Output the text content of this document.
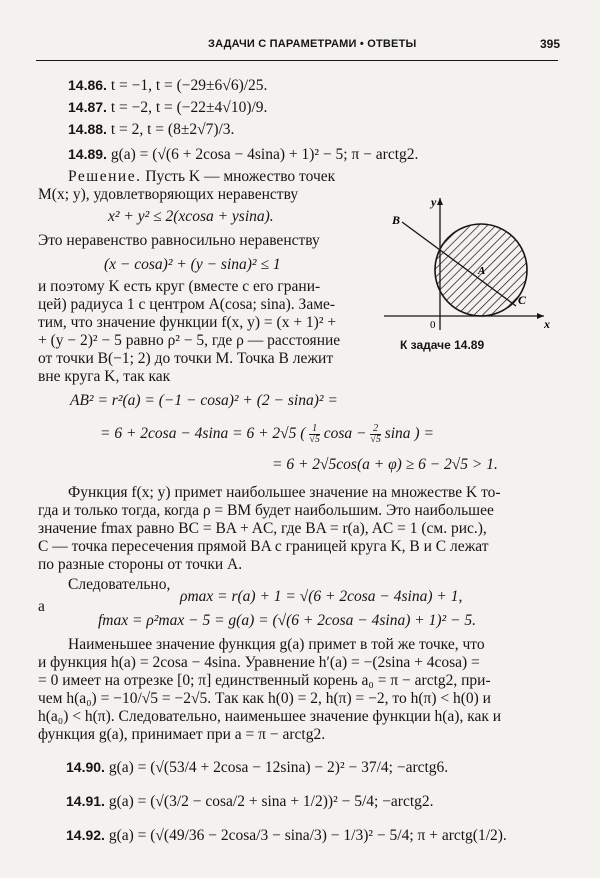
ЗАДАЧИ С ПАРАМЕТРАМИ • ОТВЕТЫ	395
14.86. t = −1, t = (−29±6√6)/25.
14.87. t = −2, t = (−22±4√10)/9.
14.88. t = 2, t = (8±2√7)/3.
14.89. g(a) = (√(6 + 2cosa − 4sina) + 1)² − 5; π − arctg2.
Решение. Пусть K — множество точек
M(x; y), удовлетворяющих неравенству
x² + y² ≤ 2(xcosa + ysina).
Это неравенство равносильно неравенству
(x − cosa)² + (y − sina)² ≤ 1
и поэтому K есть круг (вместе с его грани-
цей) радиуса 1 с центром A(cosa; sina). Заме-
тим, что значение функции f(x, y) = (x + 1)² +
+ (y − 2)² − 5 равно ρ² − 5, где ρ — расстояние
от точки B(−1; 2) до точки M. Точка B лежит
вне круга K, так как
B
y
A
C
0	x
К задаче 14.89
AB² = r²(a) = (−1 − cosa)² + (2 − sina)² =
= 6 + 2cosa − 4sina = 6 + 2√5 ( $\frac{1}{√5}$ $\cos a - \frac{2}{√5}$ sina ) =
= 6 + 2√5cos(a + φ) ≥ 6 − 2√5 > 1.
Функция f(x; y) примет наибольшее значение на множестве K то-
гда и только тогда, когда ρ = BM будет наибольшим. Это наибольшее
значение fmax равно BC = BA + AC, где BA = r(a), AC = 1 (см. рис.),
C — точка пересечения прямой BA с границей круга K, B и C лежат
по разные стороны от точки A.
Следовательно,
ρmax = r(a) + 1 = √(6 + 2cosa − 4sina) + 1,
а
fmax = ρ²max − 5 = g(a) = (√(6 + 2cosa − 4sina) + 1)² − 5.
Наименьшее значение функция g(a) примет в той же точке, что
и функция h(a) = 2cosa − 4sina. Уравнение h′(a) = −(2sina + 4cosa) =
= 0 имеет на отрезке [0; π] единственный корень a₀ = π − arctg2, при-
чем h(a₀) = −10/√5 = −2√5. Так как h(0) = 2, h(π) = −2, то h(π) < h(0) и
h(a₀) < h(π). Следовательно, наименьшее значение функции h(a), как и
функция g(a), принимает при a = π − arctg2.
14.90. g(a) = (√(53/4 + 2cosa − 12sina) − 2)² − 37/4; −arctg6.
14.91. g(a) = (√(3/2 − cosa/2 + sina + 1/2))² − 5/4; −arctg2.
14.92. g(a) = (√(49/36 − 2cosa/3 − sina/3) − 1/3)² − 5/4; π + arctg(1/2).
